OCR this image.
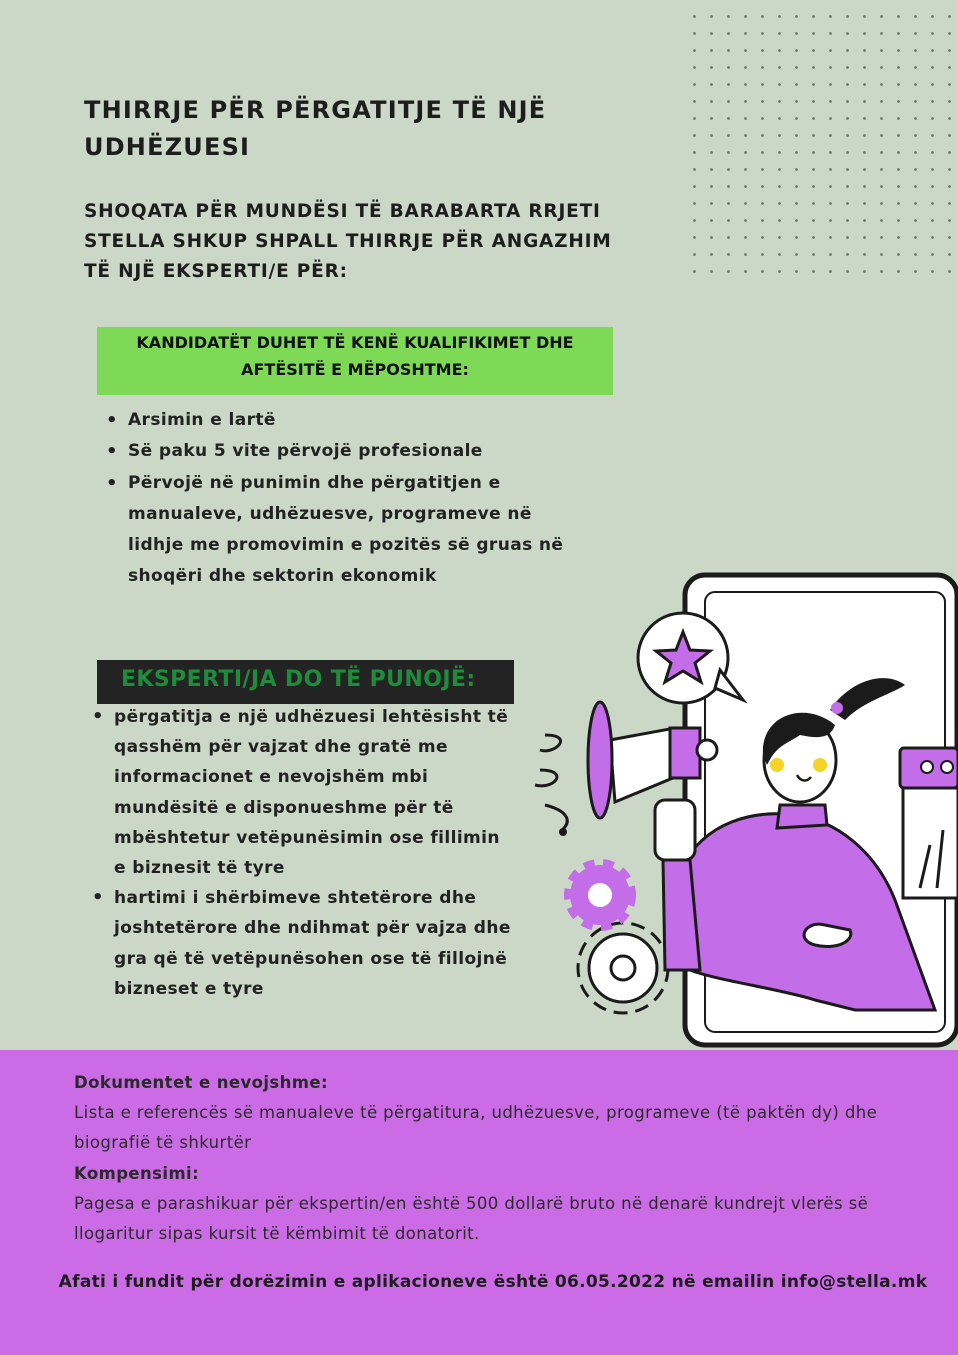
THIRRJE PËR PËRGATITJE TË NJË UDHËZUESI
SHOQATA PËR MUNDËSI TË BARABARTA RRJETI STELLA SHKUP SHPALL THIRRJE PËR ANGAZHIM TË NJË EKSPERTI/E PËR:
KANDIDATËT DUHET TË KENË KUALIFIKIMET DHE
AFTËSITË E MËPOSHTME:
• Arsimin e lartë
• Së paku 5 vite përvojë profesionale
• Përvojë në punimin dhe përgatitjen e manualeve, udhëzuesve, programeve në lidhje me promovimin e pozitës së gruas në shoqëri dhe sektorin ekonomik
EKSPERTI/JA DO TË PUNOJË:
• përgatitja e një udhëzuesi lehtësisht të qasshëm për vajzat dhe gratë me informacionet e nevojshëm mbi mundësitë e disponueshme për të mbështetur vetëpunësimin ose fillimin e biznesit të tyre
• hartimi i shërbimeve shtetërore dhe joshtetërore dhe ndihmat për vajza dhe gra që të vetëpunësohen ose të fillojnë bizneset e tyre
Dokumentet e nevojshme:
Lista e referencës së manualeve të përgatitura, udhëzuesve, programeve (të paktën dy) dhe biografië të shkurtër
Kompensimi:
Pagesa e parashikuar për ekspertin/en është 500 dollarë bruto në denarë kundrejt vlerës së llogaritur sipas kursit të këmbimit të donatorit.
Afati i fundit për dorëzimin e aplikacioneve është 06.05.2022 në emailin info@stella.mk
